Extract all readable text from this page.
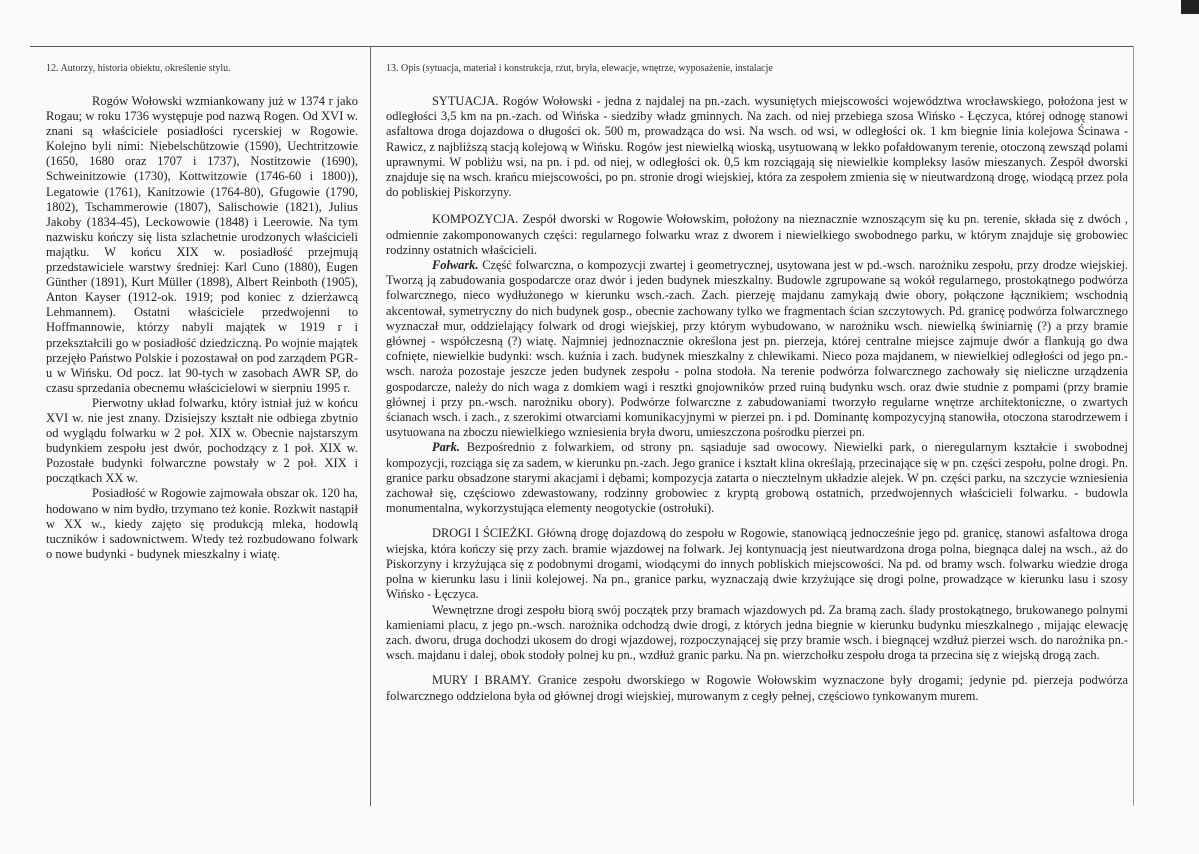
12. Autorzy, historia obiektu, określenie stylu.	13. Opis (sytuacja, materiał i konstrukcja, rzut, bryła, elewacje, wnętrze, wyposażenie, instalacje

Rogów Wołowski wzmiankowany już w 1374 r jako Rogau; w roku 1736 występuje pod nazwą Rogen. Od XVI w. znani są właściciele posiadłości rycerskiej w Rogowie. Kolejno byli nimi: Niebelschützowie (1590), Uechtritzowie (1650, 1680 oraz 1707 i 1737), Nostitzowie (1690), Schweinitzowie (1730), Kottwitzowie (1746-60 i 1800)), Legatowie (1761), Kanitzowie (1764-80), Gfugowie (1790, 1802), Tschammerowie (1807), Salischowie (1821), Julius Jakoby (1834-45), Leckowowie (1848) i Leerowie. Na tym nazwisku kończy się lista szlachetnie urodzonych właścicieli majątku. W końcu XIX w. posiadłość przejmują przedstawiciele warstwy średniej: Karl Cuno (1880), Eugen Günther (1891), Kurt Müller (1898), Albert Reinboth (1905), Anton Kayser (1912-ok. 1919; pod koniec z dzierżawcą Lehmannem). Ostatni właściciele przedwojenni to Hoffmannowie, którzy nabyli majątek w 1919 r i przekształcili go w posiadłość dziedziczną. Po wojnie majątek przejęło Państwo Polskie i pozostawał on pod zarządem PGR-u w Wińsku. Od pocz. lat 90-tych w zasobach AWR SP, do czasu sprzedania obecnemu właścicielowi w sierpniu 1995 r.

Pierwotny układ folwarku, który istniał już w końcu XVI w. nie jest znany. Dzisiejszy kształt nie odbiega zbytnio od wyglądu folwarku w 2 poł. XIX w. Obecnie najstarszym budynkiem zespołu jest dwór, pochodzący z 1 poł. XIX w. Pozostałe budynki folwarczne powstały w 2 poł. XIX i początkach XX w.

Posiadłość w Rogowie zajmowała obszar ok. 120 ha, hodowano w nim bydło, trzymano też konie. Rozkwit nastąpił w XX w., kiedy zajęto się produkcją mleka, hodowlą tuczników i sadownictwem. Wtedy też rozbudowano folwark o nowe budynki - budynek mieszkalny i wiatę.

SYTUACJA. Rogów Wołowski - jedna z najdalej na pn.-zach. wysuniętych miejscowości województwa wrocławskiego, położona jest w odległości 3,5 km na pn.-zach. od Wińska - siedziby władz gminnych. Na zach. od niej przebiega szosa Wińsko - Łęczyca, której odnogę stanowi asfaltowa droga dojazdowa o długości ok. 500 m, prowadząca do wsi. Na wsch. od wsi, w odległości ok. 1 km biegnie linia kolejowa Ścinawa - Rawicz, z najbliższą stacją kolejową w Wińsku. Rogów jest niewielką wioską, usytuowaną w lekko pofałdowanym terenie, otoczoną zewsząd polami uprawnymi. W pobliżu wsi, na pn. i pd. od niej, w odległości ok. 0,5 km rozciągają się niewielkie kompleksy lasów mieszanych. Zespół dworski znajduje się na wsch. krańcu miejscowości, po pn. stronie drogi wiejskiej, która za zespołem zmienia się w nieutwardzoną drogę, wiodącą przez pola do pobliskiej Piskorzyny.

KOMPOZYCJA. Zespół dworski w Rogowie Wołowskim, położony na nieznacznie wznoszącym się ku pn. terenie, składa się z dwóch , odmiennie zakomponowanych części: regularnego folwarku wraz z dworem i niewielkiego swobodnego parku, w którym znajduje się grobowiec rodzinny ostatnich właścicieli.

Folwark. Część folwarczna, o kompozycji zwartej i geometrycznej, usytowana jest w pd.-wsch. narożniku zespołu, przy drodze wiejskiej. Tworzą ją zabudowania gospodarcze oraz dwór i jeden budynek mieszkalny. Budowle zgrupowane są wokół regularnego, prostokątnego podwórza folwarcznego, nieco wydłużonego w kierunku wsch.-zach. Zach. pierzeję majdanu zamykają dwie obory, połączone łącznikiem; wschodnią akcentował, symetryczny do nich budynek gosp., obecnie zachowany tylko we fragmentach ścian szczytowych. Pd. granicę podwórza folwarcznego wyznaczał mur, oddzielający folwark od drogi wiejskiej, przy którym wybudowano, w narożniku wsch. niewielką świniarnię (?) a przy bramie głównej - współczesną (?) wiatę. Najmniej jednoznacznie określona jest pn. pierzeja, której centralne miejsce zajmuje dwór a flankują go dwa cofnięte, niewielkie budynki: wsch. kuźnia i zach. budynek mieszkalny z chlewikami. Nieco poza majdanem, w niewielkiej odległości od jego pn.-wsch. naroża pozostaje jeszcze jeden budynek zespołu - polna stodoła. Na terenie podwórza folwarcznego zachowały się nieliczne urządzenia gospodarcze, należy do nich waga z domkiem wagi i resztki gnojowników przed ruiną budynku wsch. oraz dwie studnie z pompami (przy bramie głównej i przy pn.-wsch. narożniku obory). Podwórze folwarczne z zabudowaniami tworzyło regularne wnętrze architektoniczne, o zwartych ścianach wsch. i zach., z szerokimi otwarciami komunikacyjnymi w pierzei pn. i pd. Dominantę kompozycyjną stanowiła, otoczona starodrzewem i usytuowana na zboczu niewielkiego wzniesienia bryła dworu, umieszczona pośrodku pierzei pn.

Park. Bezpośrednio z folwarkiem, od strony pn. sąsiaduje sad owocowy. Niewielki park, o nieregularnym kształcie i swobodnej kompozycji, rozciąga się za sadem, w kierunku pn.-zach. Jego granice i kształt klina określają, przecinające się w pn. części zespołu, polne drogi. Pn. granice parku obsadzone starymi akacjami i dębami; kompozycja zatarta o niecztelnym układzie alejek. W pn. części parku, na szczycie wzniesienia zachował się, częściowo zdewastowany, rodzinny grobowiec z kryptą grobową ostatnich, przedwojennych właścicieli folwarku. - budowla monumentalna, wykorzystująca elementy neogotyckie (ostrołuki).

DROGI I ŚCIEŻKI. Główną drogę dojazdową do zespołu w Rogowie, stanowiącą jednocześnie jego pd. granicę, stanowi asfaltowa droga wiejska, która kończy się przy zach. bramie wjazdowej na folwark. Jej kontynuacją jest nieutwardzona droga polna, biegnąca dalej na wsch., aż do Piskorzyny i krzyżująca się z podobnymi drogami, wiodącymi do innych pobliskich miejscowości. Na pd. od bramy wsch. folwarku wiedzie droga polna w kierunku lasu i linii kolejowej. Na pn., granice parku, wyznaczają dwie krzyżujące się drogi polne, prowadzące w kierunku lasu i szosy Wińsko - Łęczyca.

Wewnętrzne drogi zespołu biorą swój początek przy bramach wjazdowych pd. Za bramą zach. ślady prostokątnego, brukowanego polnymi kamieniami placu, z jego pn.-wsch. narożnika odchodzą dwie drogi, z których jedna biegnie w kierunku budynku mieszkalnego , mijając elewację zach. dworu, druga dochodzi ukosem do drogi wjazdowej, rozpoczynającej się przy bramie wsch. i biegnącej wzdłuż pierzei wsch. do narożnika pn.-wsch. majdanu i dalej, obok stodoły polnej ku pn., wzdłuż granic parku. Na pn. wierzchołku zespołu droga ta przecina się z wiejską drogą zach.

MURY I BRAMY. Granice zespołu dworskiego w Rogowie Wołowskim wyznaczone były drogami; jedynie pd. pierzeja podwórza folwarcznego oddzielona była od głównej drogi wiejskiej, murowanym z cegły pełnej, częściowo tynkowanym murem.
